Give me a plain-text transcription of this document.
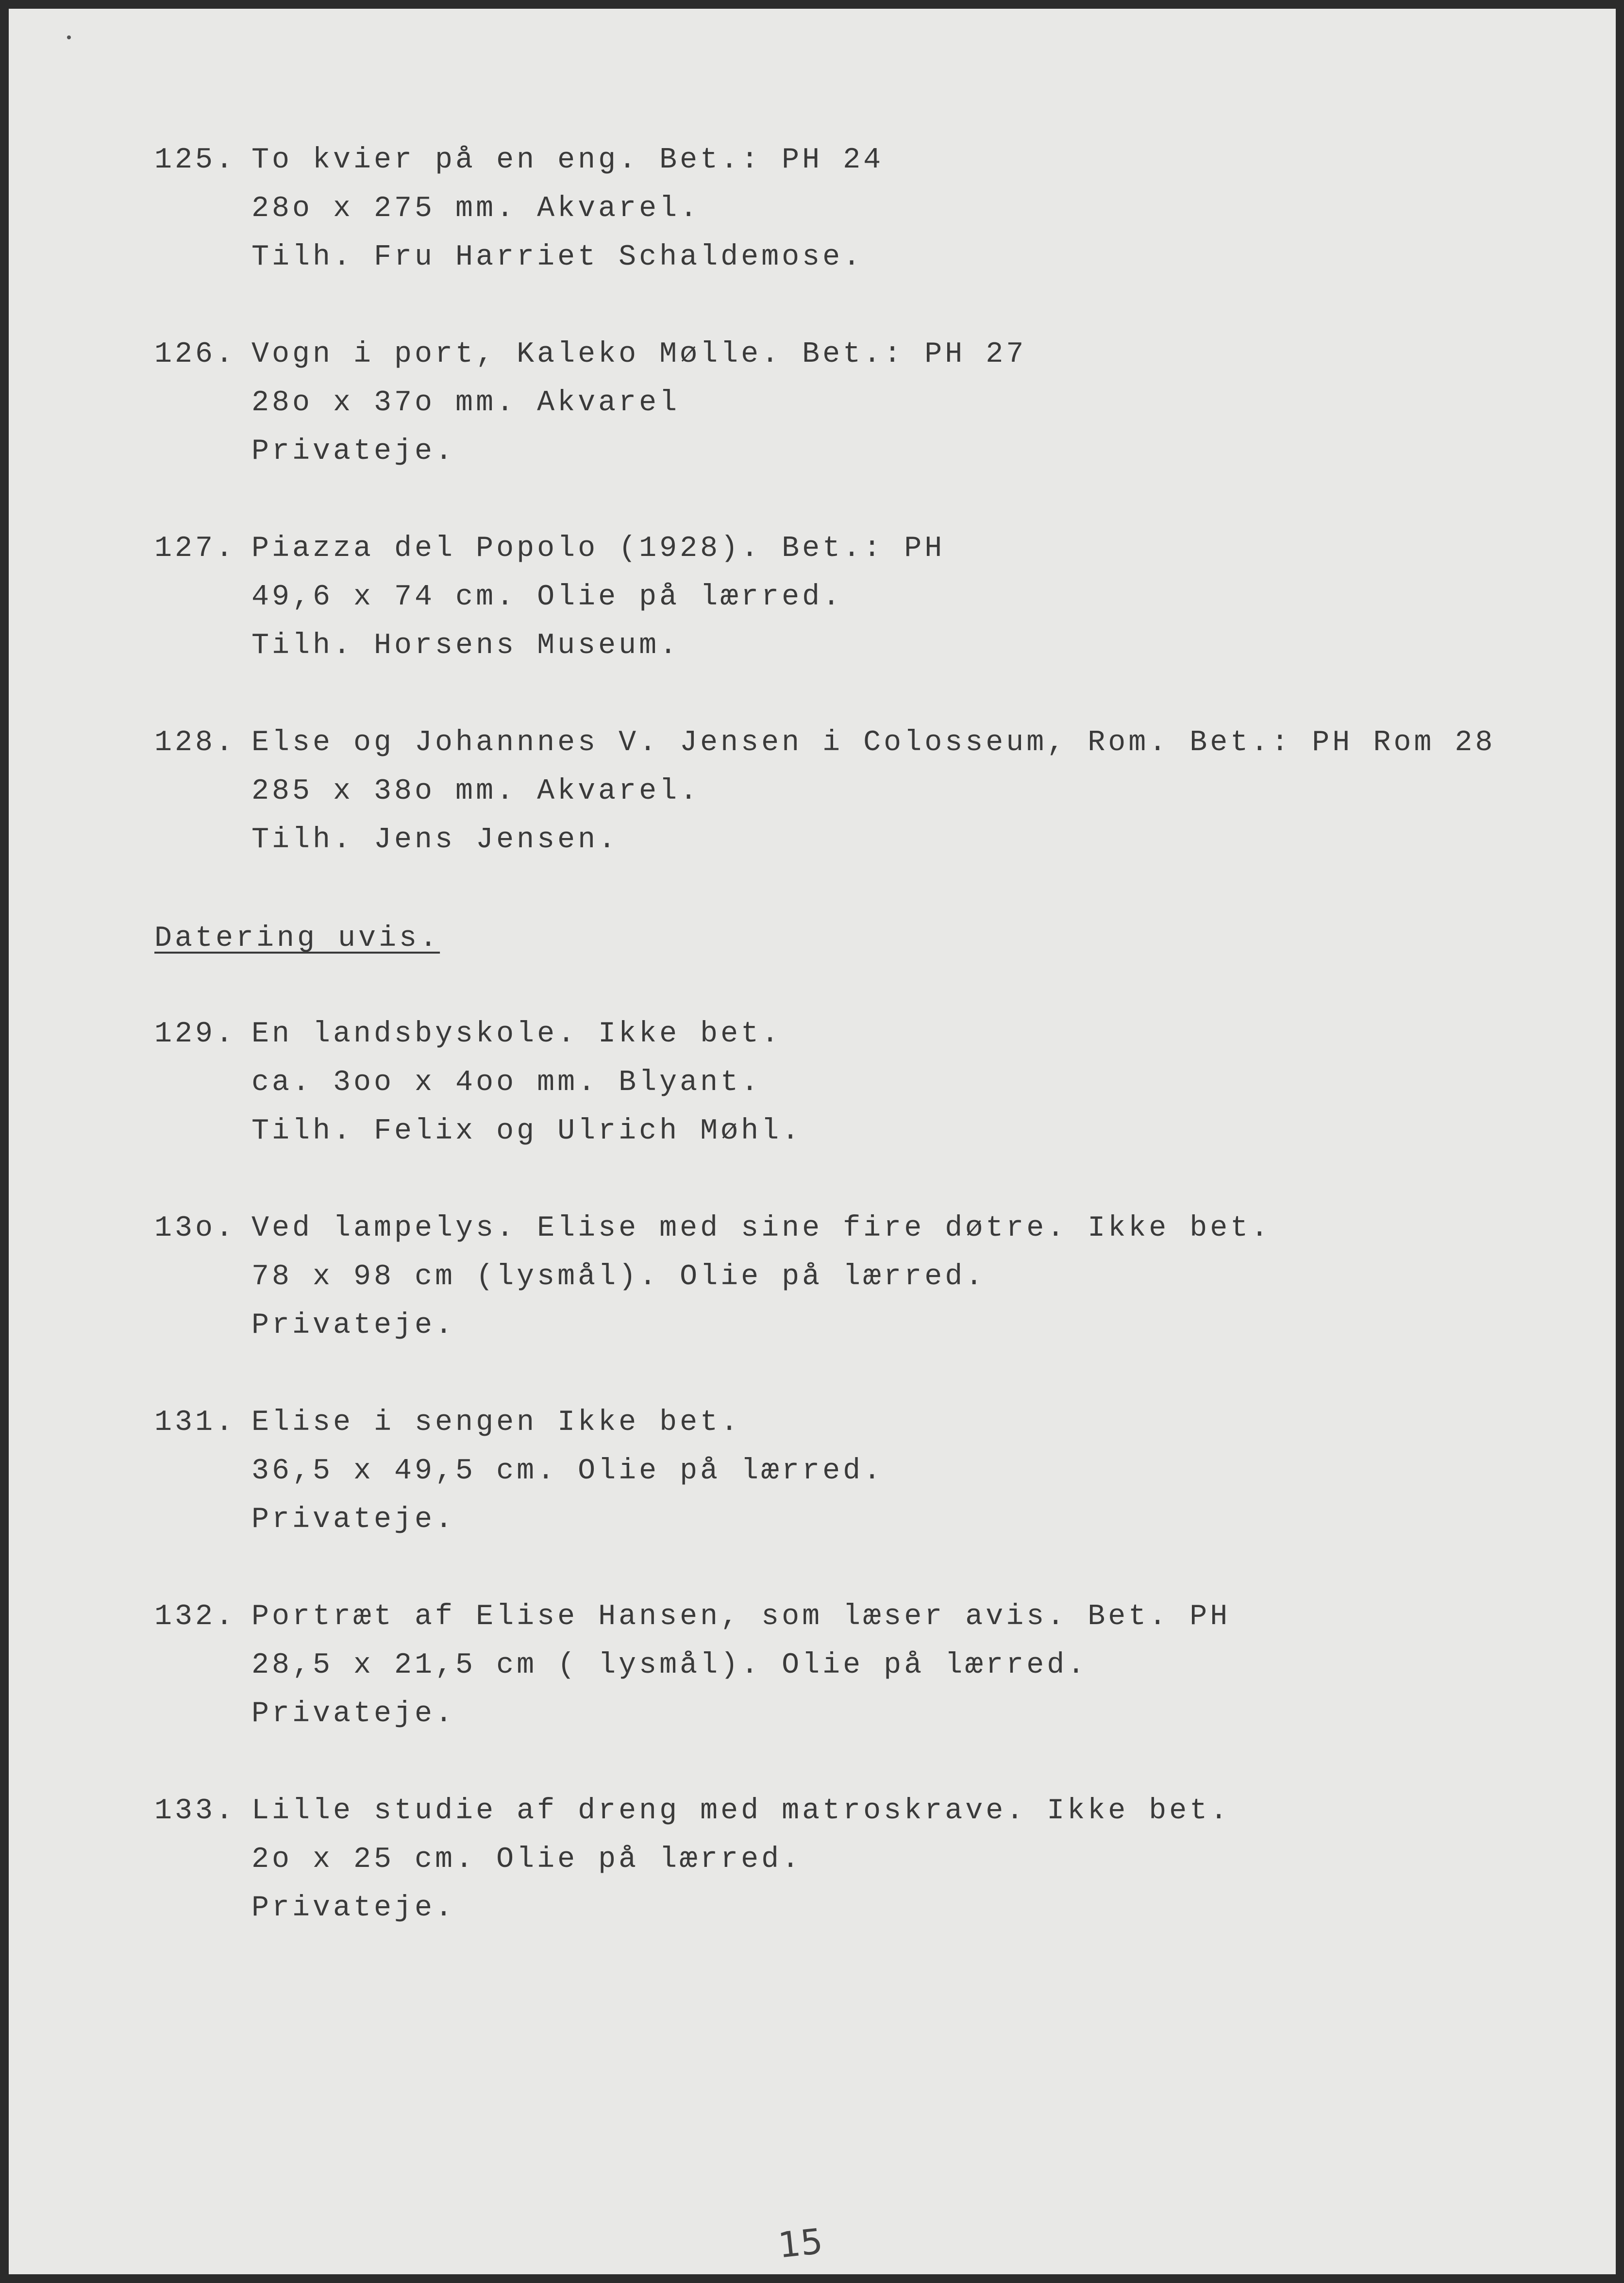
125. To kvier på en eng. Bet.: PH 24
28o x 275 mm. Akvarel.
Tilh. Fru Harriet Schaldemose.
126. Vogn i port, Kaleko Mølle. Bet.: PH 27
28o x 37o mm. Akvarel
Privateje.
127. Piazza del Popolo (1928). Bet.: PH
49,6 x 74 cm. Olie på lærred.
Tilh. Horsens Museum.
128. Else og Johannnes V. Jensen i Colosseum, Rom. Bet.: PH Rom 28
285 x 38o mm. Akvarel.
Tilh. Jens Jensen.
Datering uvis.
129. En landsbyskole. Ikke bet.
ca. 3oo x 4oo mm. Blyant.
Tilh. Felix og Ulrich Møhl.
13o. Ved lampelys. Elise med sine fire døtre. Ikke bet.
78 x 98 cm (lysmål). Olie på lærred.
Privateje.
131. Elise i sengen Ikke bet.
36,5 x 49,5 cm. Olie på lærred.
Privateje.
132. Portræt af Elise Hansen, som læser avis. Bet. PH
28,5 x 21,5 cm ( lysmål). Olie på lærred.
Privateje.
133. Lille studie af dreng med matroskrave. Ikke bet.
2o x 25 cm. Olie på lærred.
Privateje.
15
